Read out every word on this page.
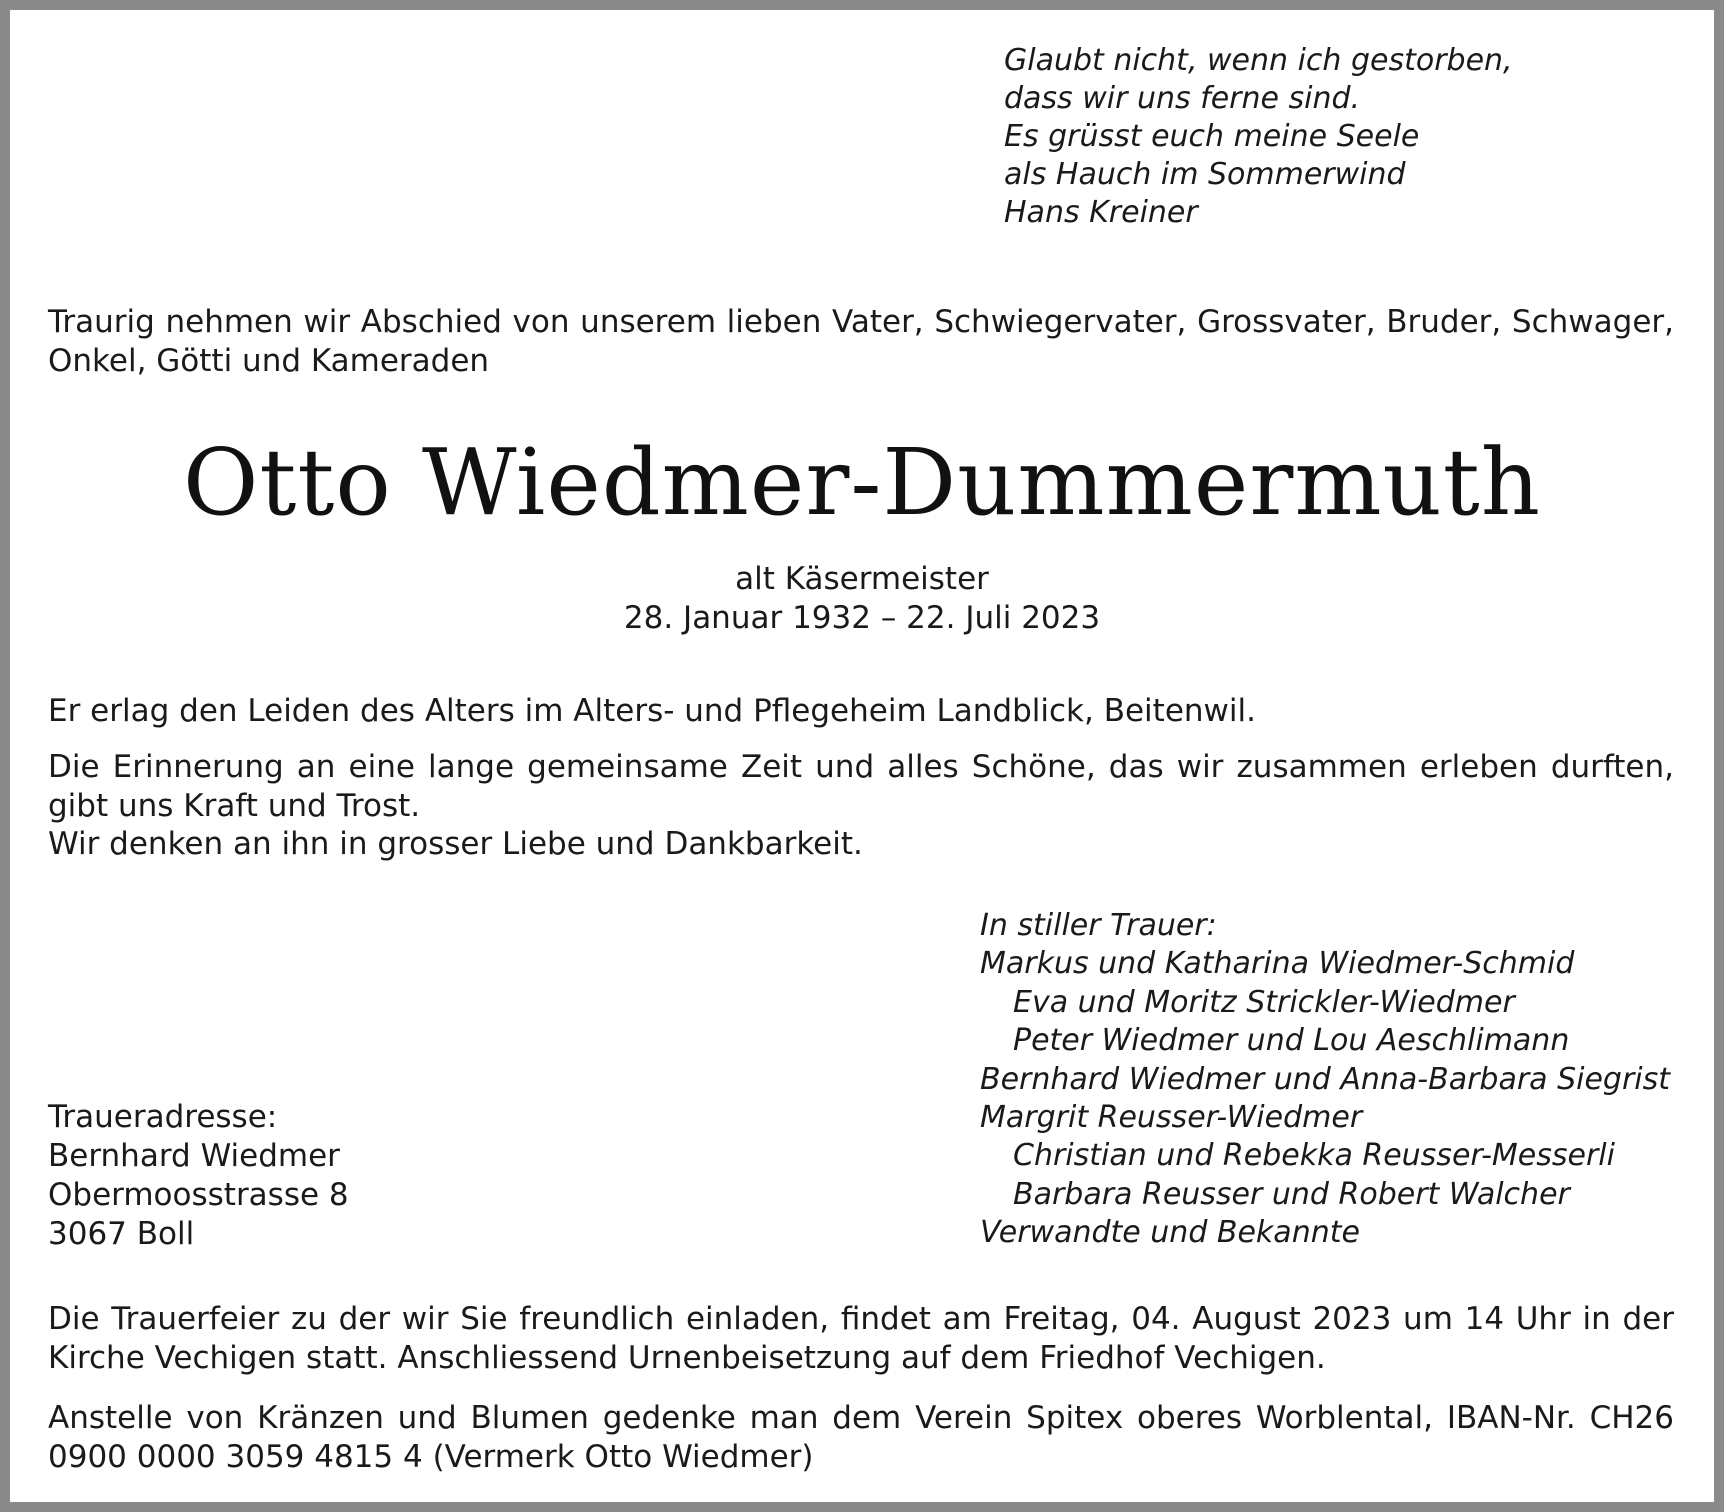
Glaubt nicht, wenn ich gestorben,
dass wir uns ferne sind.
Es grüsst euch meine Seele
als Hauch im Sommerwind
Hans Kreiner
Traurig nehmen wir Abschied von unserem lieben Vater, Schwiegervater, Grossvater, Bruder, Schwager, Onkel, Götti und Kameraden
Otto Wiedmer-Dummermuth
alt Käsermeister
28. Januar 1932 – 22. Juli 2023
Er erlag den Leiden des Alters im Alters- und Pflegeheim Landblick, Beitenwil.
Die Erinnerung an eine lange gemeinsame Zeit und alles Schöne, das wir zusammen erleben durften, gibt uns Kraft und Trost.
Wir denken an ihn in grosser Liebe und Dankbarkeit.
In stiller Trauer:
Markus und Katharina Wiedmer-Schmid
Eva und Moritz Strickler-Wiedmer
Peter Wiedmer und Lou Aeschlimann
Bernhard Wiedmer und Anna-Barbara Siegrist
Margrit Reusser-Wiedmer
Christian und Rebekka Reusser-Messerli
Barbara Reusser und Robert Walcher
Verwandte und Bekannte
Traueradresse:
Bernhard Wiedmer
Obermoosstrasse 8
3067 Boll
Die Trauerfeier zu der wir Sie freundlich einladen, findet am Freitag, 04. August 2023 um 14 Uhr in der Kirche Vechigen statt. Anschliessend Urnenbeisetzung auf dem Friedhof Vechigen.
Anstelle von Kränzen und Blumen gedenke man dem Verein Spitex oberes Worblental, IBAN-Nr. CH26 0900 0000 3059 4815 4 (Vermerk Otto Wiedmer)
